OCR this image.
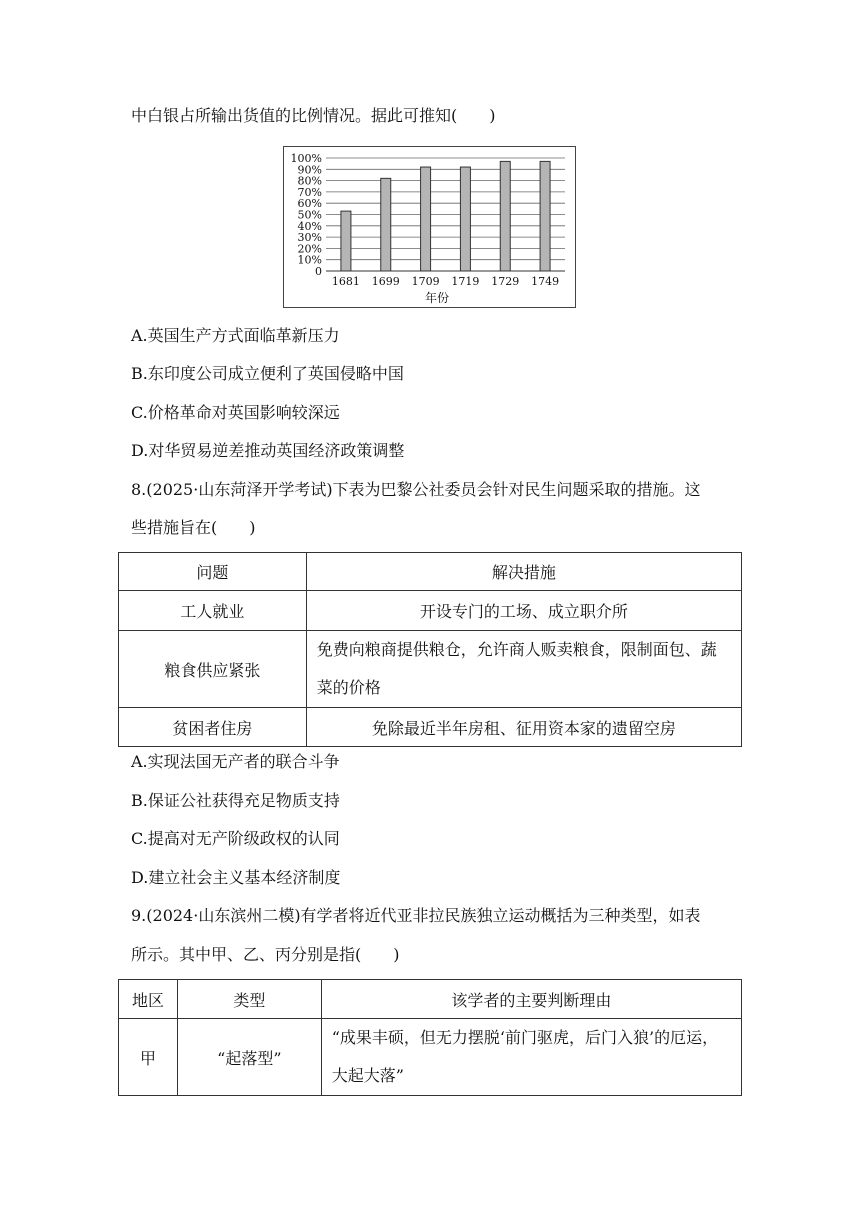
中白银占所输出货值的比例情况。据此可推知(　　)
0
10%
20%
30%
40%
50%
60%
70%
80%
90%
100%
1681 1699 1709 1719 1729 1749
年份
A.英国生产方式面临革新压力
B.东印度公司成立便利了英国侵略中国
C.价格革命对英国影响较深远
D.对华贸易逆差推动英国经济政策调整
8.(2025·山东菏泽开学考试)下表为巴黎公社委员会针对民生问题采取的措施。这
些措施旨在(　　)
问题	解决措施
工人就业	开设专门的工场、成立职介所
粮食供应紧张	免费向粮商提供粮仓，允许商人贩卖粮食，限制面包、蔬菜的价格
贫困者住房	免除最近半年房租、征用资本家的遗留空房
A.实现法国无产者的联合斗争
B.保证公社获得充足物质支持
C.提高对无产阶级政权的认同
D.建立社会主义基本经济制度
9.(2024·山东滨州二模)有学者将近代亚非拉民族独立运动概括为三种类型，如表
所示。其中甲、乙、丙分别是指(　　)
地区	类型	该学者的主要判断理由
甲	“起落型”	“成果丰硕，但无力摆脱‘前门驱虎，后门入狼’的厄运，大起大落”
